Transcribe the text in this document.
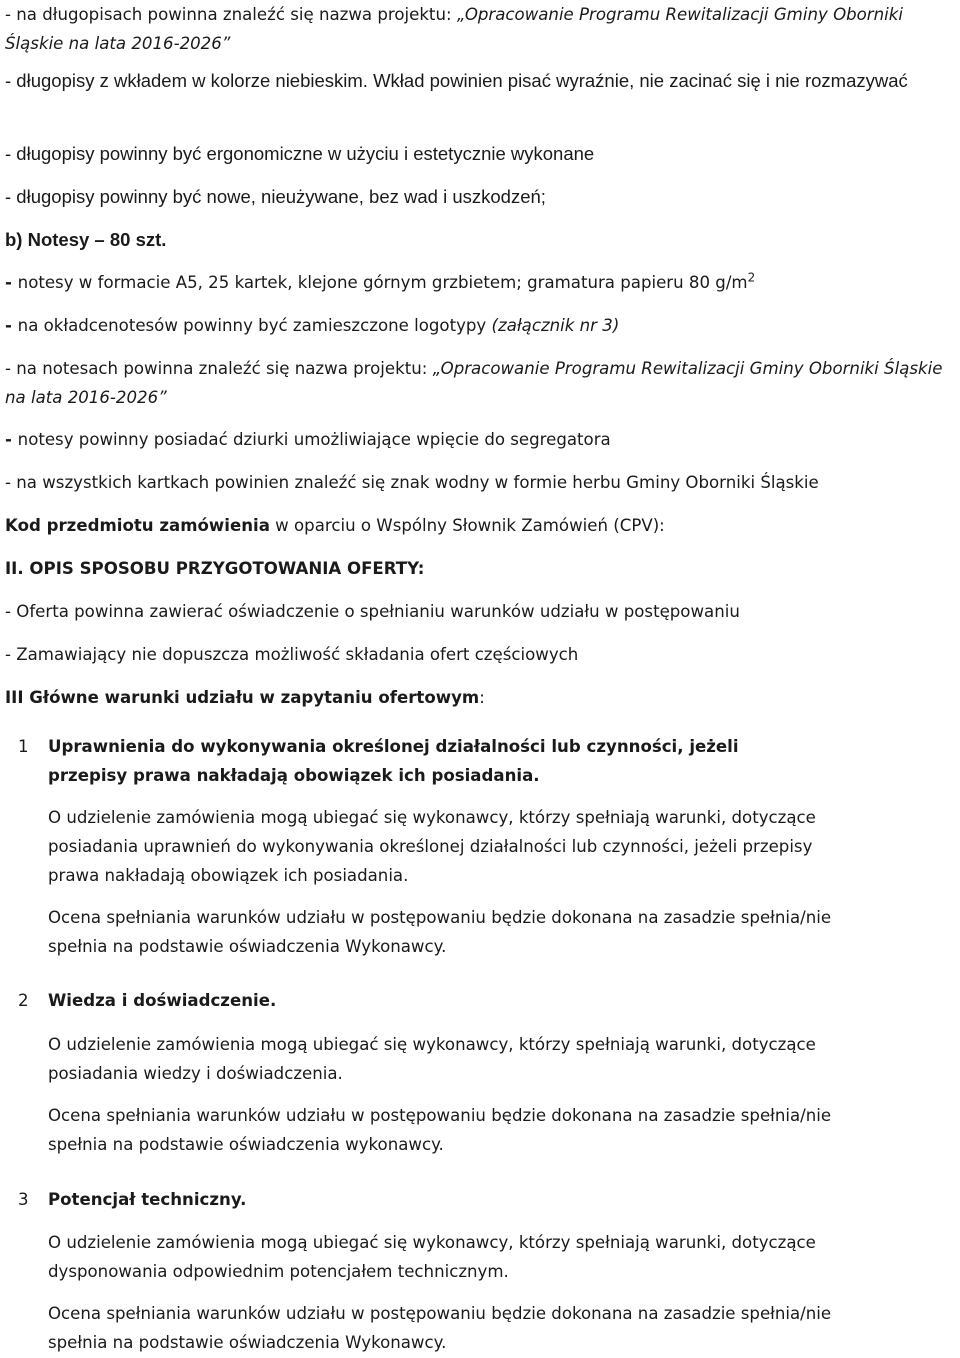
- na długopisach powinna znaleźć się nazwa projektu: „Opracowanie Programu Rewitalizacji Gminy Oborniki Śląskie na lata 2016-2026”

- długopisy z wkładem w kolorze niebieskim. Wkład powinien pisać wyraźnie, nie zacinać się i nie rozmazywać

- długopisy powinny być ergonomiczne w użyciu i estetycznie wykonane

- długopisy powinny być nowe, nieużywane, bez wad i uszkodzeń;

b) Notesy – 80 szt.

- notesy w formacie A5, 25 kartek, klejone górnym grzbietem; gramatura papieru 80 $g/m^2$

- na okładcenotesów powinny być zamieszczone logotypy (załącznik nr 3)

- na notesach powinna znaleźć się nazwa projektu: „Opracowanie Programu Rewitalizacji Gminy Oborniki Śląskie na lata 2016-2026”

- notesy powinny posiadać dziurki umożliwiające wpięcie do segregatora

- na wszystkich kartkach powinien znaleźć się znak wodny w formie herbu Gminy Oborniki Śląskie

Kod przedmiotu zamówienia w oparciu o Wspólny Słownik Zamówień (CPV):

II. OPIS SPOSOBU PRZYGOTOWANIA OFERTY:

- Oferta powinna zawierać oświadczenie o spełnianiu warunków udziału w postępowaniu

- Zamawiający nie dopuszcza możliwość składania ofert częściowych

III Główne warunki udziału w zapytaniu ofertowym:

1 Uprawnienia do wykonywania określonej działalności lub czynności, jeżeli przepisy prawa nakładają obowiązek ich posiadania.

O udzielenie zamówienia mogą ubiegać się wykonawcy, którzy spełniają warunki, dotyczące posiadania uprawnień do wykonywania określonej działalności lub czynności, jeżeli przepisy prawa nakładają obowiązek ich posiadania.

Ocena spełniania warunków udziału w postępowaniu będzie dokonana na zasadzie spełnia/nie spełnia na podstawie oświadczenia Wykonawcy.

2 Wiedza i doświadczenie.

O udzielenie zamówienia mogą ubiegać się wykonawcy, którzy spełniają warunki, dotyczące posiadania wiedzy i doświadczenia.

Ocena spełniania warunków udziału w postępowaniu będzie dokonana na zasadzie spełnia/nie spełnia na podstawie oświadczenia wykonawcy.

3 Potencjał techniczny.

O udzielenie zamówienia mogą ubiegać się wykonawcy, którzy spełniają warunki, dotyczące dysponowania odpowiednim potencjałem technicznym.

Ocena spełniania warunków udziału w postępowaniu będzie dokonana na zasadzie spełnia/nie spełnia na podstawie oświadczenia Wykonawcy.
